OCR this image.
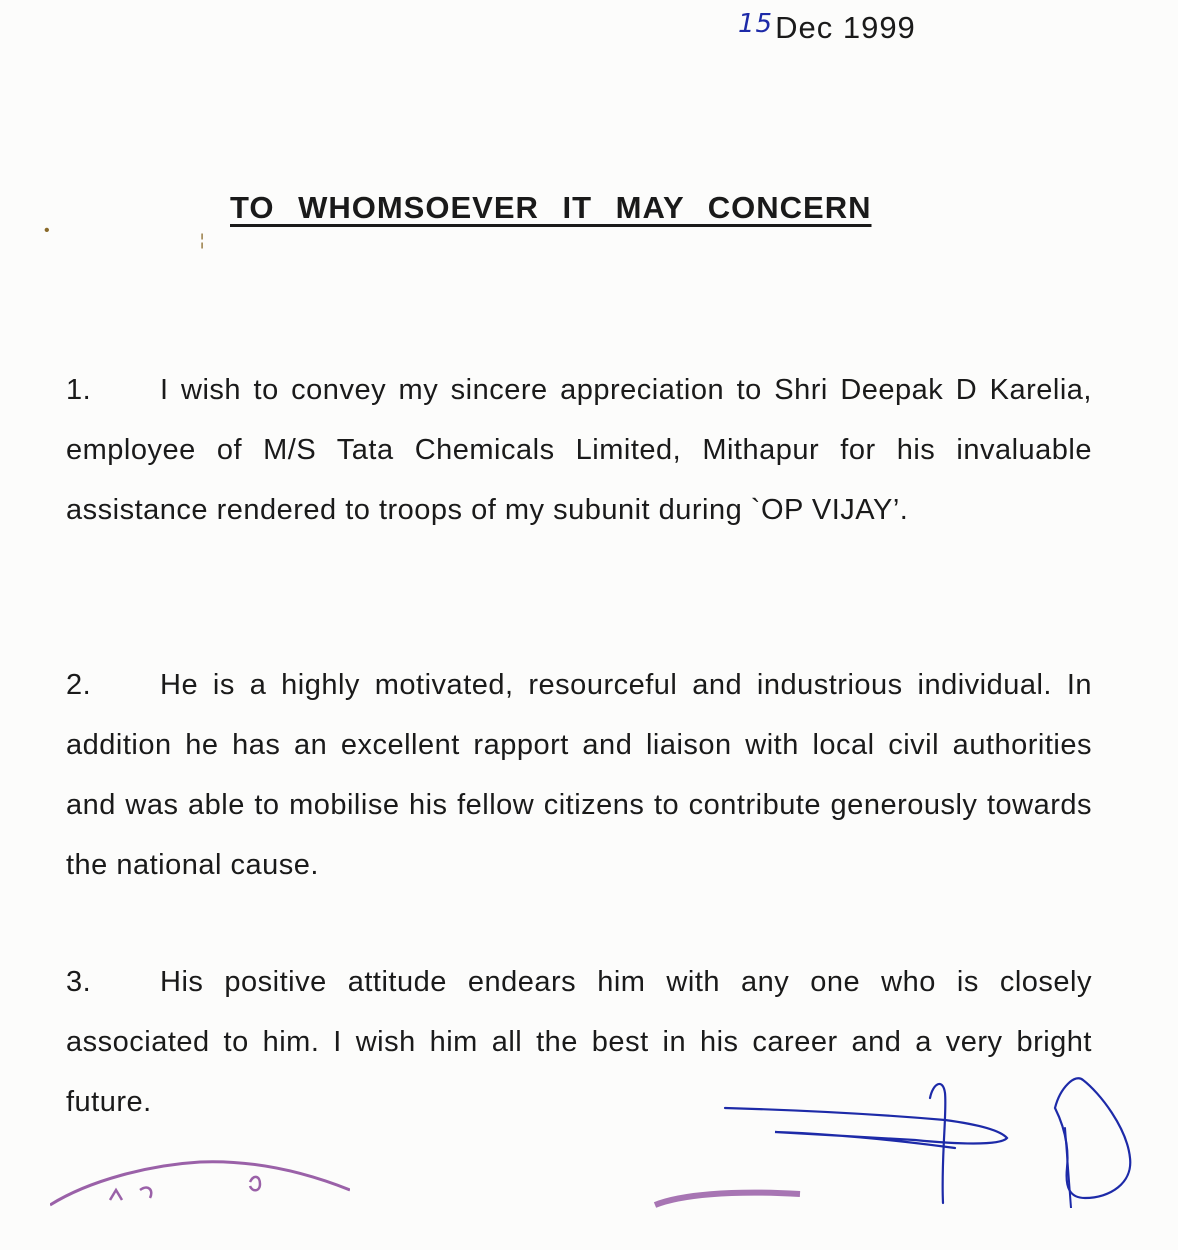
15Dec 1999
TO WHOMSOEVER IT MAY CONCERN
•
¦
1. I wish to convey my sincere appreciation to Shri Deepak D Karelia, employee of M/S Tata Chemicals Limited, Mithapur for his invaluable assistance rendered to troops of my subunit during `OP VIJAY’.
2. He is a highly motivated, resourceful and industrious individual. In addition he has an excellent rapport and liaison with local civil authorities and was able to mobilise his fellow citizens to contribute generously towards the national cause.
3. His positive attitude endears him with any one who is closely associated to him. I wish him all the best in his career and a very bright future.
